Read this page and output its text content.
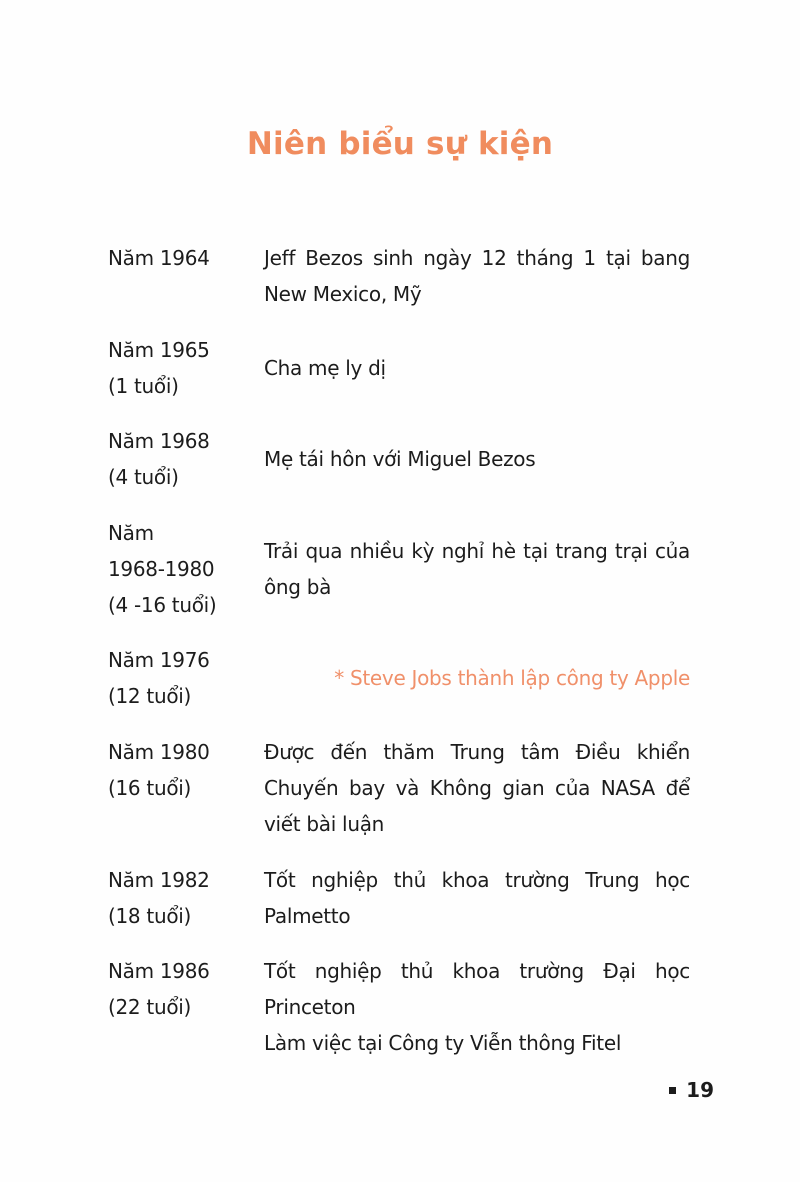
Niên biểu sự kiện
Năm 1964	Jeff Bezos sinh ngày 12 tháng 1 tại bang
New Mexico, Mỹ
Năm 1965
(1 tuổi)
Cha mẹ ly dị
Năm 1968
(4 tuổi)
Mẹ tái hôn với Miguel Bezos
Năm
1968-1980
(4 -16 tuổi)
Trải qua nhiều kỳ nghỉ hè tại trang trại của
ông bà
Năm 1976
(12 tuổi)
* Steve Jobs thành lập công ty Apple
Năm 1980
(16 tuổi)
Được đến thăm Trung tâm Điều khiển
Chuyến bay và Không gian của NASA để
viết bài luận
Năm 1982
(18 tuổi)
Tốt nghiệp thủ khoa trường Trung học
Palmetto
Năm 1986
(22 tuổi)
Tốt nghiệp thủ khoa trường Đại học
Princeton
Làm việc tại Công ty Viễn thông Fitel
19
